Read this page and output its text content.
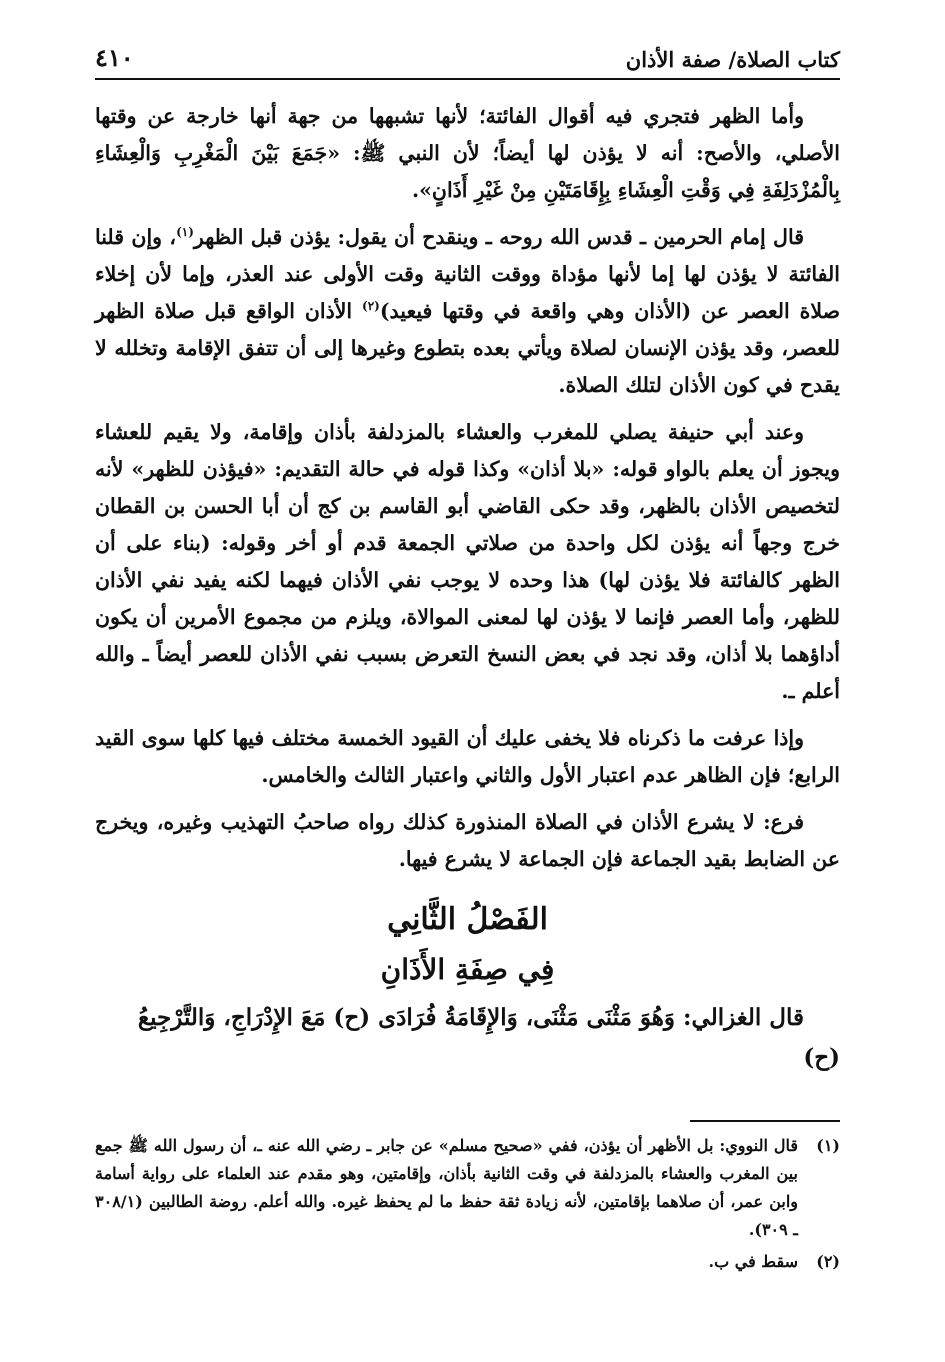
كتاب الصلاة/ صفة الأذان
٤١٠

وأما الظهر فتجري فيه أقوال الفائتة؛ لأنها تشبهها من جهة أنها خارجة عن وقتها الأصلي، والأصح: أنه لا يؤذن لها أيضاً؛ لأن النبي ﷺ: «جَمَعَ بَيْنَ الْمَغْرِبِ وَالْعِشَاءِ بِالْمُزْدَلِفَةِ فِي وَقْتِ الْعِشَاءِ بِإِقَامَتَيْنِ مِنْ غَيْرِ أَذَانٍ».

قال إمام الحرمين ـ قدس الله روحه ـ وينقدح أن يقول: يؤذن قبل الظهر$^{(١)}$، وإن قلنا الفائتة لا يؤذن لها إما لأنها مؤداة ووقت الثانية وقت الأولى عند العذر، وإما لأن إخلاء صلاة العصر عن (الأذان وهي واقعة في وقتها فيعيد)$^{(٢)}$ الأذان الواقع قبل صلاة الظهر للعصر، وقد يؤذن الإنسان لصلاة ويأتي بعده بتطوع وغيرها إلى أن تتفق الإقامة وتخلله لا يقدح في كون الأذان لتلك الصلاة.

وعند أبي حنيفة يصلي للمغرب والعشاء بالمزدلفة بأذان وإقامة، ولا يقيم للعشاء ويجوز أن يعلم بالواو قوله: «بلا أذان» وكذا قوله في حالة التقديم: «فيؤذن للظهر» لأنه لتخصيص الأذان بالظهر، وقد حكى القاضي أبو القاسم بن كج أن أبا الحسن بن القطان خرج وجهاً أنه يؤذن لكل واحدة من صلاتي الجمعة قدم أو أخر وقوله: (بناء على أن الظهر كالفائتة فلا يؤذن لها) هذا وحده لا يوجب نفي الأذان فيهما لكنه يفيد نفي الأذان للظهر، وأما العصر فإنما لا يؤذن لها لمعنى الموالاة، ويلزم من مجموع الأمرين أن يكون أداؤهما بلا أذان، وقد نجد في بعض النسخ التعرض بسبب نفي الأذان للعصر أيضاً ـ والله أعلم ـ.

وإذا عرفت ما ذكرناه فلا يخفى عليك أن القيود الخمسة مختلف فيها كلها سوى القيد الرابع؛ فإن الظاهر عدم اعتبار الأول والثاني واعتبار الثالث والخامس.

فرع: لا يشرع الأذان في الصلاة المنذورة كذلك رواه صاحبُ التهذيب وغيره، ويخرج عن الضابط بقيد الجماعة فإن الجماعة لا يشرع فيها.

الفَصْلُ الثَّانِي
فِي صِفَةِ الأَذَانِ

قال الغزالي: وَهُوَ مَثْنَى مَثْنَى، وَالإِقَامَةُ فُرَادَى (ح) مَعَ الإِدْرَاجِ، وَالتَّرْجِيعُ (ح)

(١)
قال النووي: بل الأظهر أن يؤذن، ففي «صحيح مسلم» عن جابر ـ رضي الله عنه ـ، أن رسول الله ﷺ جمع بين المغرب والعشاء بالمزدلفة في وقت الثانية بأذان، وإقامتين، وهو مقدم عند العلماء على رواية أسامة وابن عمر، أن صلاهما بإقامتين، لأنه زيادة ثقة حفظ ما لم يحفظ غيره. والله أعلم. روضة الطالبين (٣٠٨/١ ـ ٣٠٩).
(٢)
سقط في ب.
